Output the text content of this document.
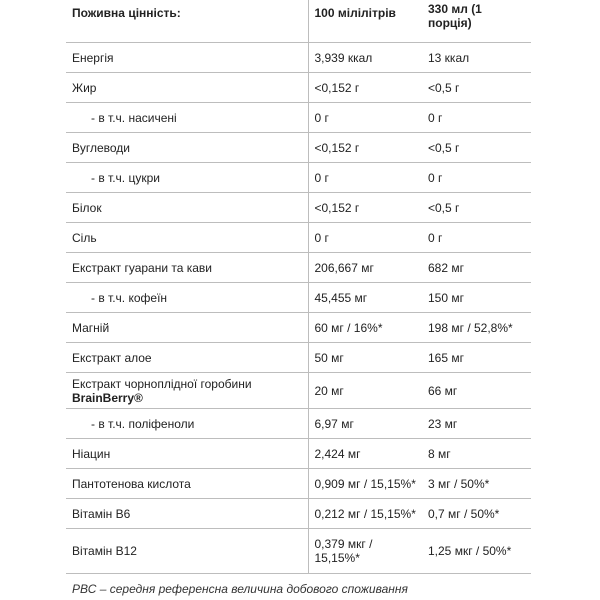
Поживна цінність:	100 мілілітрів	330 мл (1 порція)
Енергія	3,939 ккал	13 ккал
Жир	<0,152 г	<0,5 г
- в т.ч. насичені	0 г	0 г
Вуглеводи	<0,152 г	<0,5 г
- в т.ч. цукри	0 г	0 г
Білок	<0,152 г	<0,5 г
Сіль	0 г	0 г
Екстракт гуарани та кави	206,667 мг	682 мг
- в т.ч. кофеїн	45,455 мг	150 мг
Магній	60 мг / 16%*	198 мг / 52,8%*
Екстракт алое	50 мг	165 мг
Екстракт чорноплідної горобини
BrainBerry®	20 мг	66 мг
- в т.ч. поліфеноли	6,97 мг	23 мг
Ніацин	2,424 мг	8 мг
Пантотенова кислота	0,909 мг / 15,15%*	3 мг / 50%*
Вітамін B6	0,212 мг / 15,15%*	0,7 мг / 50%*
Вітамін B12	0,379 мкг / 15,15%*	1,25 мкг / 50%*
РВС – середня референсна величина добового споживання
